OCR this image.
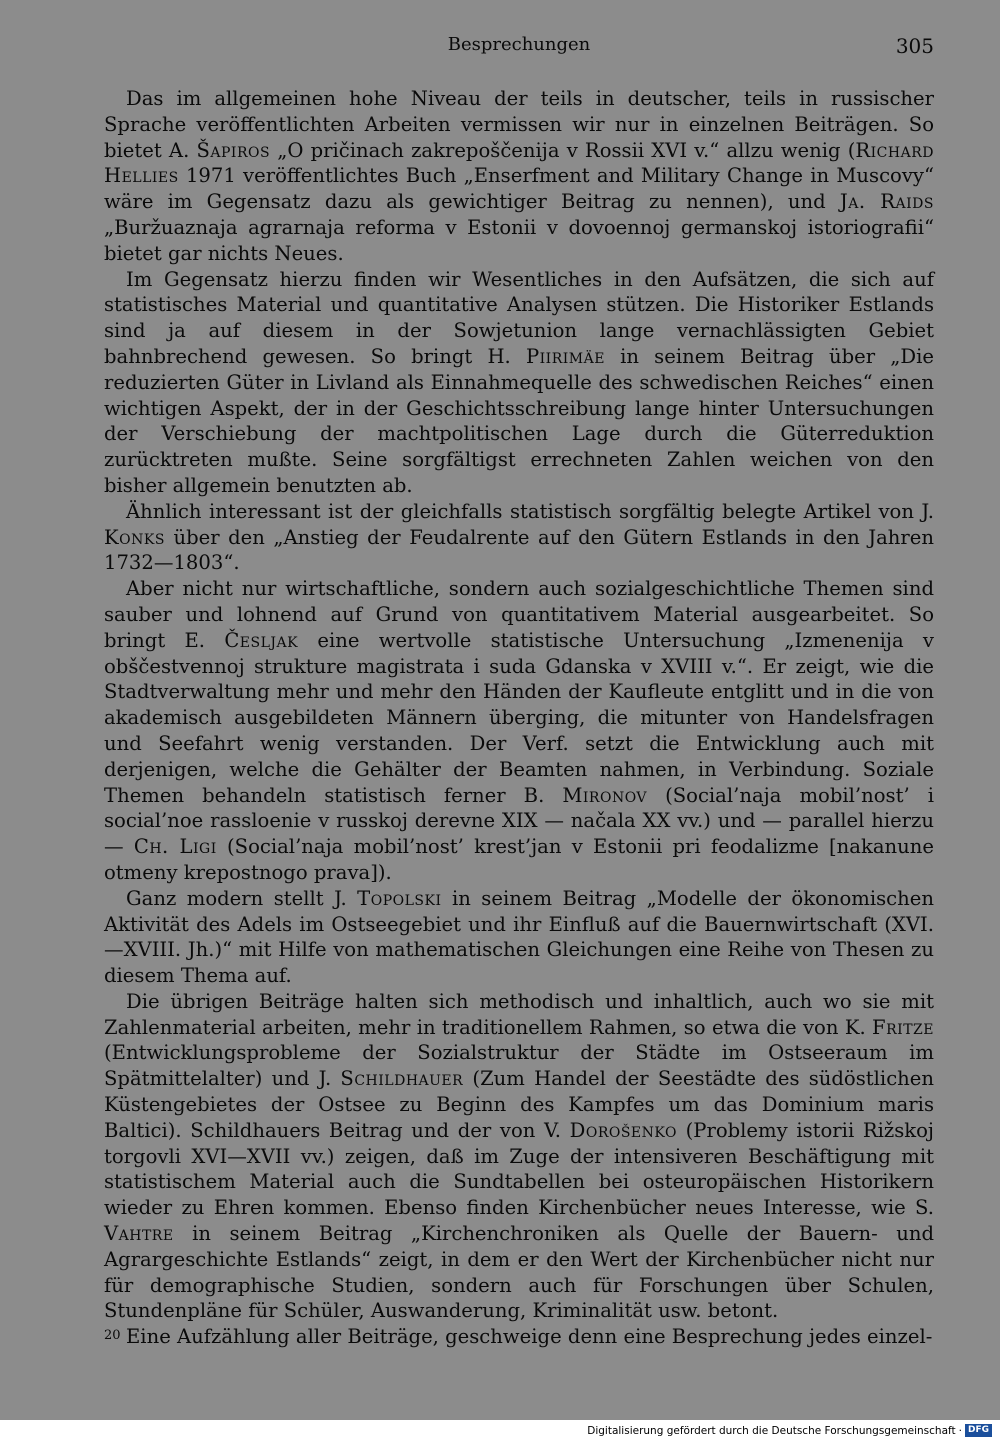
Besprechungen	305

Das im allgemeinen hohe Niveau der teils in deutscher, teils in russischer Sprache veröffentlichten Arbeiten vermissen wir nur in einzelnen Beiträgen. So bietet A. Šapiros „O pričinach zakrepoščenija v Rossii XVI v.“ allzu wenig (Richard Hellies 1971 veröffentlichtes Buch „Enserfment and Military Change in Muscovy“ wäre im Gegensatz dazu als gewichtiger Beitrag zu nennen), und Ja. Raids „Buržuaznaja agrarnaja reforma v Estonii v dovoennoj germanskoj istoriografii“ bietet gar nichts Neues.

Im Gegensatz hierzu finden wir Wesentliches in den Aufsätzen, die sich auf statistisches Material und quantitative Analysen stützen. Die Historiker Estlands sind ja auf diesem in der Sowjetunion lange vernachlässigten Gebiet bahnbrechend gewesen. So bringt H. Piirimäe in seinem Beitrag über „Die reduzierten Güter in Livland als Einnahmequelle des schwedischen Reiches“ einen wichtigen Aspekt, der in der Geschichtsschreibung lange hinter Untersuchungen der Verschiebung der machtpolitischen Lage durch die Güterreduktion zurücktreten mußte. Seine sorgfältigst errechneten Zahlen weichen von den bisher allgemein benutzten ab.

Ähnlich interessant ist der gleichfalls statistisch sorgfältig belegte Artikel von J. Konks über den „Anstieg der Feudalrente auf den Gütern Estlands in den Jahren 1732—1803“.

Aber nicht nur wirtschaftliche, sondern auch sozialgeschichtliche Themen sind sauber und lohnend auf Grund von quantitativem Material ausgearbeitet. So bringt E. Česljak eine wertvolle statistische Untersuchung „Izmenenija v obščestvennoj strukture magistrata i suda Gdanska v XVIII v.“. Er zeigt, wie die Stadtverwaltung mehr und mehr den Händen der Kaufleute entglitt und in die von akademisch ausgebildeten Männern überging, die mitunter von Handelsfragen und Seefahrt wenig verstanden. Der Verf. setzt die Entwicklung auch mit derjenigen, welche die Gehälter der Beamten nahmen, in Verbindung. Soziale Themen behandeln statistisch ferner B. Mironov (Social’naja mobil’nost’ i social’noe rassloenie v russkoj derevne XIX — načala XX vv.) und — parallel hierzu — Ch. Ligi (Social’naja mobil’nost’ krest’jan v Estonii pri feodalizme [nakanune otmeny krepostnogo prava]).

Ganz modern stellt J. Topolski in seinem Beitrag „Modelle der ökonomischen Aktivität des Adels im Ostseegebiet und ihr Einfluß auf die Bauernwirtschaft (XVI.—XVIII. Jh.)“ mit Hilfe von mathematischen Gleichungen eine Reihe von Thesen zu diesem Thema auf.

Die übrigen Beiträge halten sich methodisch und inhaltlich, auch wo sie mit Zahlenmaterial arbeiten, mehr in traditionellem Rahmen, so etwa die von K. Fritze (Entwicklungsprobleme der Sozialstruktur der Städte im Ostseeraum im Spätmittelalter) und J. Schildhauer (Zum Handel der Seestädte des südöstlichen Küstengebietes der Ostsee zu Beginn des Kampfes um das Dominium maris Baltici). Schildhauers Beitrag und der von V. Dorošenko (Problemy istorii Rižskoj torgovli XVI—XVII vv.) zeigen, daß im Zuge der intensiveren Beschäftigung mit statistischem Material auch die Sundtabellen bei osteuropäischen Historikern wieder zu Ehren kommen. Ebenso finden Kirchenbücher neues Interesse, wie S. Vahtre in seinem Beitrag „Kirchenchroniken als Quelle der Bauern- und Agrargeschichte Estlands“ zeigt, in dem er den Wert der Kirchenbücher nicht nur für demographische Studien, sondern auch für Forschungen über Schulen, Stundenpläne für Schüler, Auswanderung, Kriminalität usw. betont.

Eine Aufzählung aller Beiträge, geschweige denn eine Besprechung jedes einzel-

20
Digitalisierung gefördert durch die Deutsche Forschungsgemeinschaft · DFG
